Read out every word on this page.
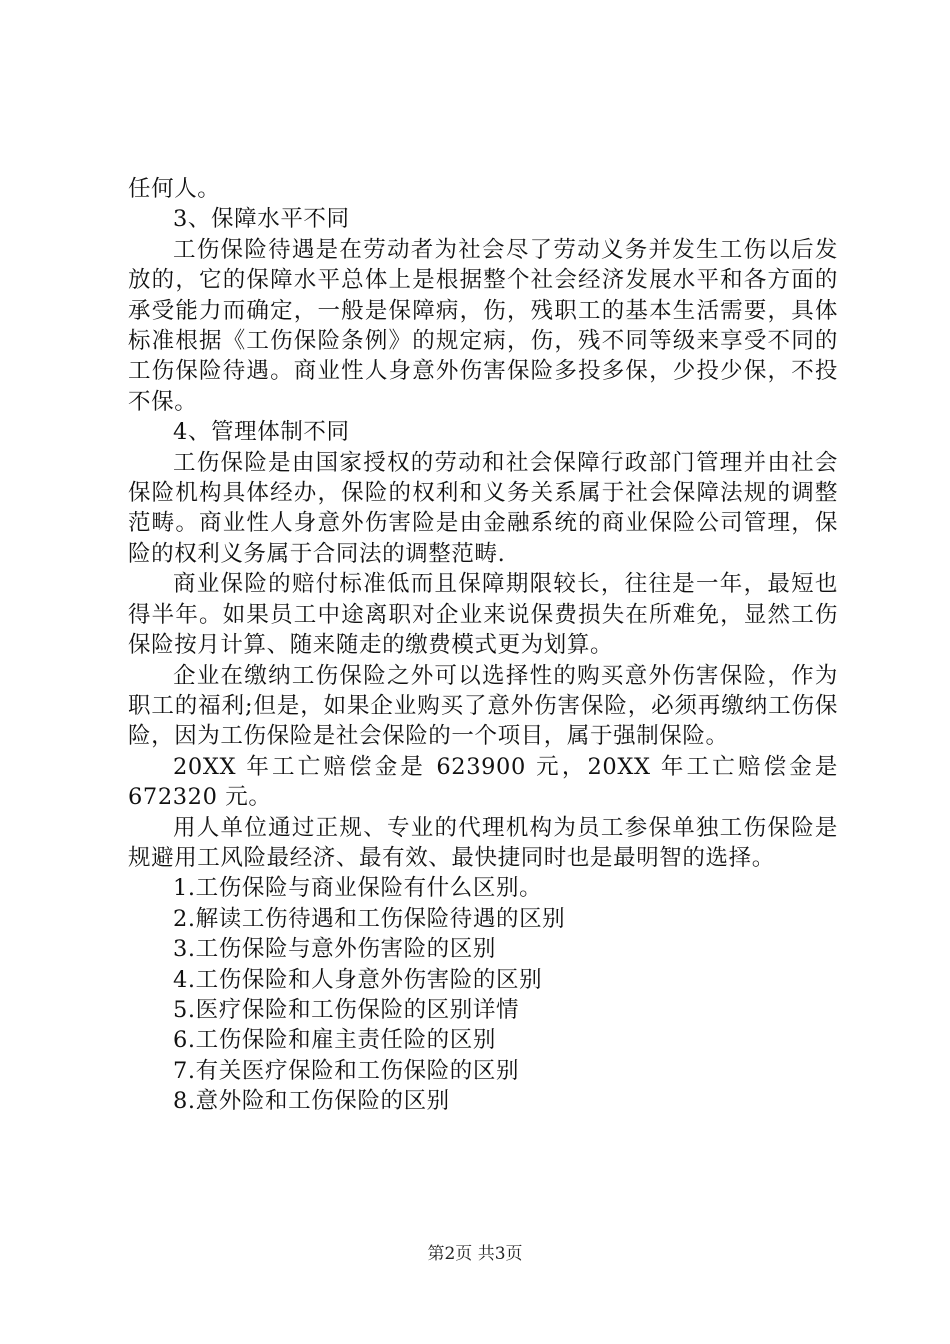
任何人。

3、保障水平不同

工伤保险待遇是在劳动者为社会尽了劳动义务并发生工伤以后发放的，它的保障水平总体上是根据整个社会经济发展水平和各方面的承受能力而确定，一般是保障病，伤，残职工的基本生活需要，具体标准根据《工伤保险条例》的规定病，伤，残不同等级来享受不同的工伤保险待遇。商业性人身意外伤害保险多投多保，少投少保，不投不保。

4、管理体制不同

工伤保险是由国家授权的劳动和社会保障行政部门管理并由社会保险机构具体经办，保险的权利和义务关系属于社会保障法规的调整范畴。商业性人身意外伤害险是由金融系统的商业保险公司管理，保险的权利义务属于合同法的调整范畴.

商业保险的赔付标准低而且保障期限较长，往往是一年，最短也得半年。如果员工中途离职对企业来说保费损失在所难免，显然工伤保险按月计算、随来随走的缴费模式更为划算。

企业在缴纳工伤保险之外可以选择性的购买意外伤害保险，作为职工的福利;但是，如果企业购买了意外伤害保险，必须再缴纳工伤保险，因为工伤保险是社会保险的一个项目，属于强制保险。

20XX 年工亡赔偿金是 623900 元，20XX 年工亡赔偿金是 672320 元。

用人单位通过正规、专业的代理机构为员工参保单独工伤保险是规避用工风险最经济、最有效、最快捷同时也是最明智的选择。

1.工伤保险与商业保险有什么区别。
2.解读工伤待遇和工伤保险待遇的区别
3.工伤保险与意外伤害险的区别
4.工伤保险和人身意外伤害险的区别
5.医疗保险和工伤保险的区别详情
6.工伤保险和雇主责任险的区别
7.有关医疗保险和工伤保险的区别
8.意外险和工伤保险的区别
第2页 共3页
